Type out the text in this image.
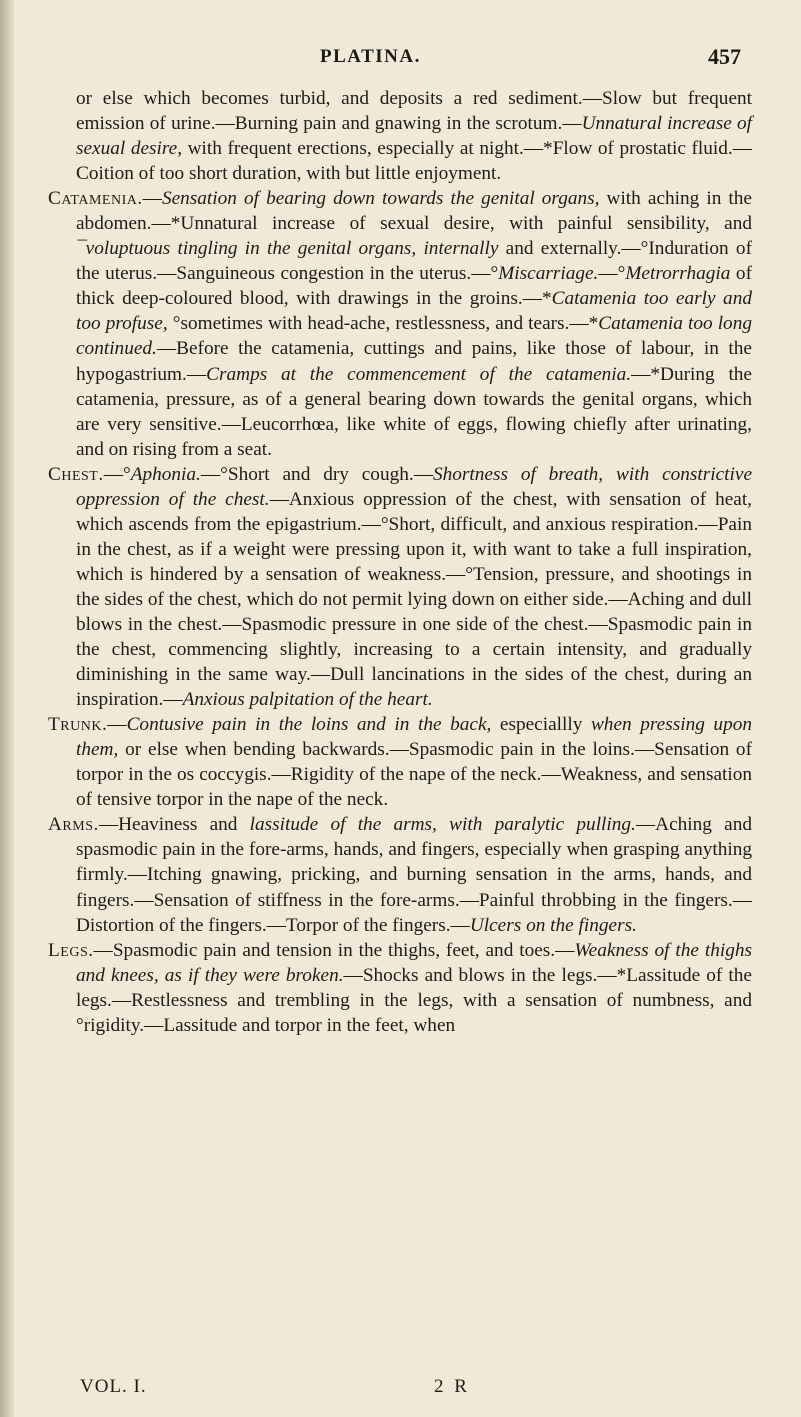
PLATINA.	457

or else which becomes turbid, and deposits a red sediment.—Slow but frequent emission of urine.—Burning pain and gnawing in the scrotum.—Unnatural increase of sexual desire, with frequent erections, especially at night.—*Flow of prostatic fluid.—Coition of too short duration, with but little enjoyment.

Catamenia.—Sensation of bearing down towards the genital organs, with aching in the abdomen.—*Unnatural increase of sexual desire, with painful sensibility, and ¯voluptuous tingling in the genital organs, internally and externally.—°Induration of the uterus.—Sanguineous congestion in the uterus.—°Miscarriage.—°Metrorrhagia of thick deep-coloured blood, with drawings in the groins.—*Catamenia too early and too profuse, °sometimes with head-ache, restlessness, and tears.—*Catamenia too long continued.—Before the catamenia, cuttings and pains, like those of labour, in the hypogastrium.—Cramps at the commencement of the catamenia.—*During the catamenia, pressure, as of a general bearing down towards the genital organs, which are very sensitive.—Leucorrhœa, like white of eggs, flowing chiefly after urinating, and on rising from a seat.

Chest.—°Aphonia.—°Short and dry cough.—Shortness of breath, with constrictive oppression of the chest.—Anxious oppression of the chest, with sensation of heat, which ascends from the epigastrium.—°Short, difficult, and anxious respiration.—Pain in the chest, as if a weight were pressing upon it, with want to take a full inspiration, which is hindered by a sensation of weakness.—°Tension, pressure, and shootings in the sides of the chest, which do not permit lying down on either side.—Aching and dull blows in the chest.—Spasmodic pressure in one side of the chest.—Spasmodic pain in the chest, commencing slightly, increasing to a certain intensity, and gradually diminishing in the same way.—Dull lancinations in the sides of the chest, during an inspiration.—Anxious palpitation of the heart.

Trunk.—Contusive pain in the loins and in the back, especiallly when pressing upon them, or else when bending backwards.—Spasmodic pain in the loins.—Sensation of torpor in the os coccygis.—Rigidity of the nape of the neck.—Weakness, and sensation of tensive torpor in the nape of the neck.

Arms.—Heaviness and lassitude of the arms, with paralytic pulling.—Aching and spasmodic pain in the fore-arms, hands, and fingers, especially when grasping anything firmly.—Itching gnawing, pricking, and burning sensation in the arms, hands, and fingers.—Sensation of stiffness in the fore-arms.—Painful throbbing in the fingers.—Distortion of the fingers.—Torpor of the fingers.—Ulcers on the fingers.

Legs.—Spasmodic pain and tension in the thighs, feet, and toes.—Weakness of the thighs and knees, as if they were broken.—Shocks and blows in the legs.—*Lassitude of the legs.—Restlessness and trembling in the legs, with a sensation of numbness, and °rigidity.—Lassitude and torpor in the feet, when

VOL. I.	2 R
